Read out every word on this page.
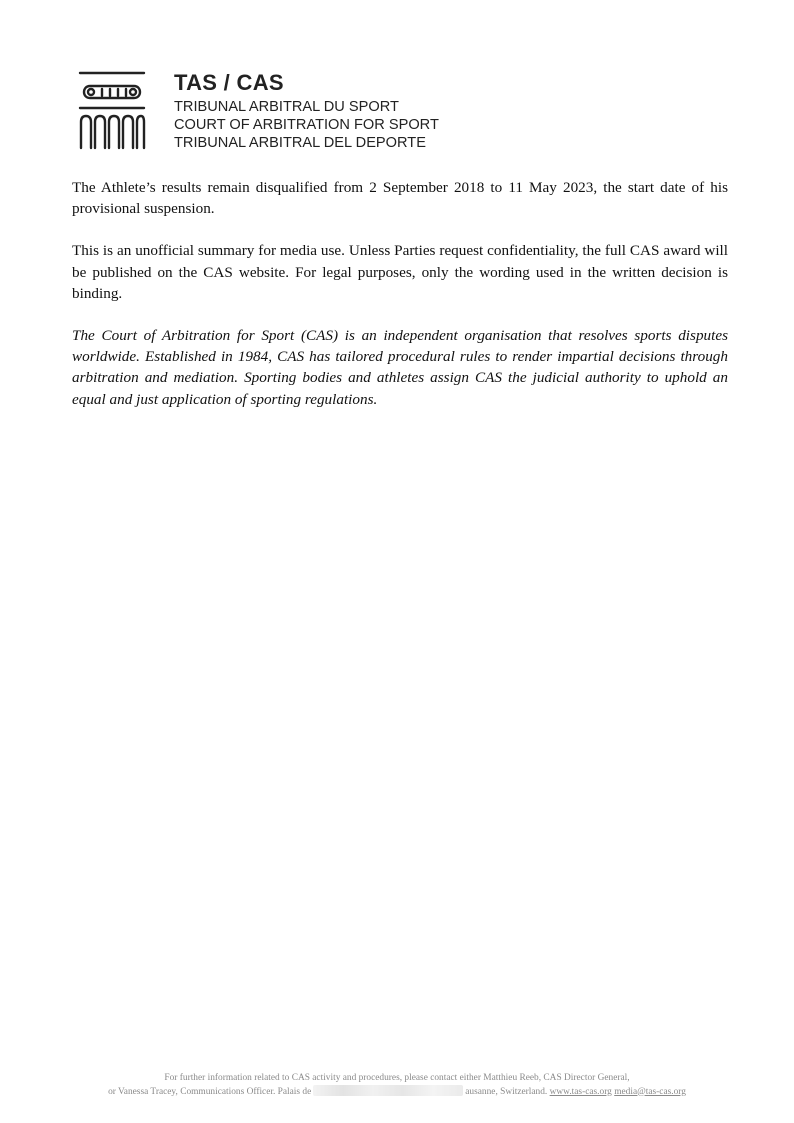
TAS / CAS
TRIBUNAL ARBITRAL DU SPORT
COURT OF ARBITRATION FOR SPORT
TRIBUNAL ARBITRAL DEL DEPORTE

The Athlete’s results remain disqualified from 2 September 2018 to 11 May 2023, the start date of his provisional suspension.

This is an unofficial summary for media use. Unless Parties request confidentiality, the full CAS award will be published on the CAS website. For legal purposes, only the wording used in the written decision is binding.

The Court of Arbitration for Sport (CAS) is an independent organisation that resolves sports disputes worldwide. Established in 1984, CAS has tailored procedural rules to render impartial decisions through arbitration and mediation. Sporting bodies and athletes assign CAS the judicial authority to uphold an equal and just application of sporting regulations.

For further information related to CAS activity and procedures, please contact either Matthieu Reeb, CAS Director General,
or Vanessa Tracey, Communications Officer. Palais de	ausanne, Switzerland. www.tas-cas.org media@tas-cas.org
